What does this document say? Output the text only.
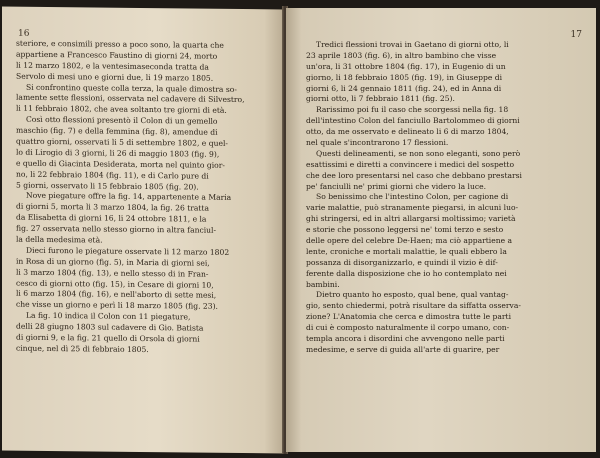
16
steriore, e consimili presso a poco sono, la quarta che
appartiene a Francesco Faustino di giorni 24, morto
li 12 marzo 1802, e la ventesimaseconda tratta da
Servolo di mesi uno e giorni due, li 19 marzo 1805.
Si confrontino queste colla terza, la quale dimostra so-
lamente sette flessioni, osservata nel cadavere di Silvestro,
li 11 febbraio 1802, che avea soltanto tre giorni di età.
Così otto flessioni presentò il Colon di un gemello
maschio (fig. 7) e della femmina (fig. 8), amendue di
quattro giorni, osservati li 5 di settembre 1802, e quel-
lo di Lirogio di 3 giorni, li 26 di maggio 1803 (fig. 9),
e quello di Giacinta Desiderata, morta nel quinto gior-
no, li 22 febbraio 1804 (fig. 11), e di Carlo pure di
5 giorni, osservato li 15 febbraio 1805 (fig. 20).
Nove piegature offre la fig. 14, appartenente a Maria
di giorni 5, morta li 3 marzo 1804, la fig. 26 tratta
da Elisabetta di giorni 16, li 24 ottobre 1811, e la
fig. 27 osservata nello stesso giorno in altra fanciul-
la della medesima età.
Dieci furono le piegature osservate li 12 marzo 1802
in Rosa di un giorno (fig. 5), in Maria di giorni sei,
li 3 marzo 1804 (fig. 13), e nello stesso di in Fran-
cesco di giorni otto (fig. 15), in Cesare di giorni 10,
li 6 marzo 1804 (fig. 16), e nell'aborto di sette mesi,
che visse un giorno e perì li 18 marzo 1805 (fig. 23).
La fig. 10 indica il Colon con 11 piegature,
delli 28 giugno 1803 sul cadavere di Gio. Batista
di giorni 9, e la fig. 21 quello di Orsola di giorni
cinque, nel dì 25 di febbraio 1805.
17
Tredici flessioni trovai in Gaetano di giorni otto, li
23 aprile 1803 (fig. 6), in altro bambino che visse
un'ora, li 31 ottobre 1804 (fig. 17), in Eugenio di un
giorno, li 18 febbraio 1805 (fig. 19), in Giuseppe di
giorni 6, li 24 gennaio 1811 (fig. 24), ed in Anna di
giorni otto, li 7 febbraio 1811 (fig. 25).
Rarissimo poi fu il caso che scorgessi nella fig. 18
dell'intestino Colon del fanciullo Bartolommeo di giorni
otto, da me osservato e delineato li 6 di marzo 1804,
nel quale s'incontrarono 17 flessioni.
Questi delineamenti, se non sono eleganti, sono però
esattissimi e diretti a convincere i medici del sospetto
che dee loro presentarsi nel caso che debbano prestarsi
pe' fanciulli ne' primi giorni che videro la luce.
So benissimo che l'intestino Colon, per cagione di
varie malattie, può stranamente piegarsi, in alcuni luo-
ghi stringersi, ed in altri allargarsi moltissimo; varietà
e storie che possono leggersi ne' tomi terzo e sesto
delle opere del celebre De-Haen; ma ciò appartiene a
lente, croniche e mortali malattie, le quali ebbero la
possanza di disorganizzarlo, e quindi il vizio è dif-
ferente dalla disposizione che io ho contemplato nei
bambini.
Dietro quanto ho esposto, qual bene, qual vantag-
gio, sento chiedermi, potrà risultare da siffatta osserva-
zione? L'Anatomia che cerca e dimostra tutte le parti
di cui è composto naturalmente il corpo umano, con-
templa ancora i disordini che avvengono nelle parti
medesime, e serve di guida all'arte di guarire, per
